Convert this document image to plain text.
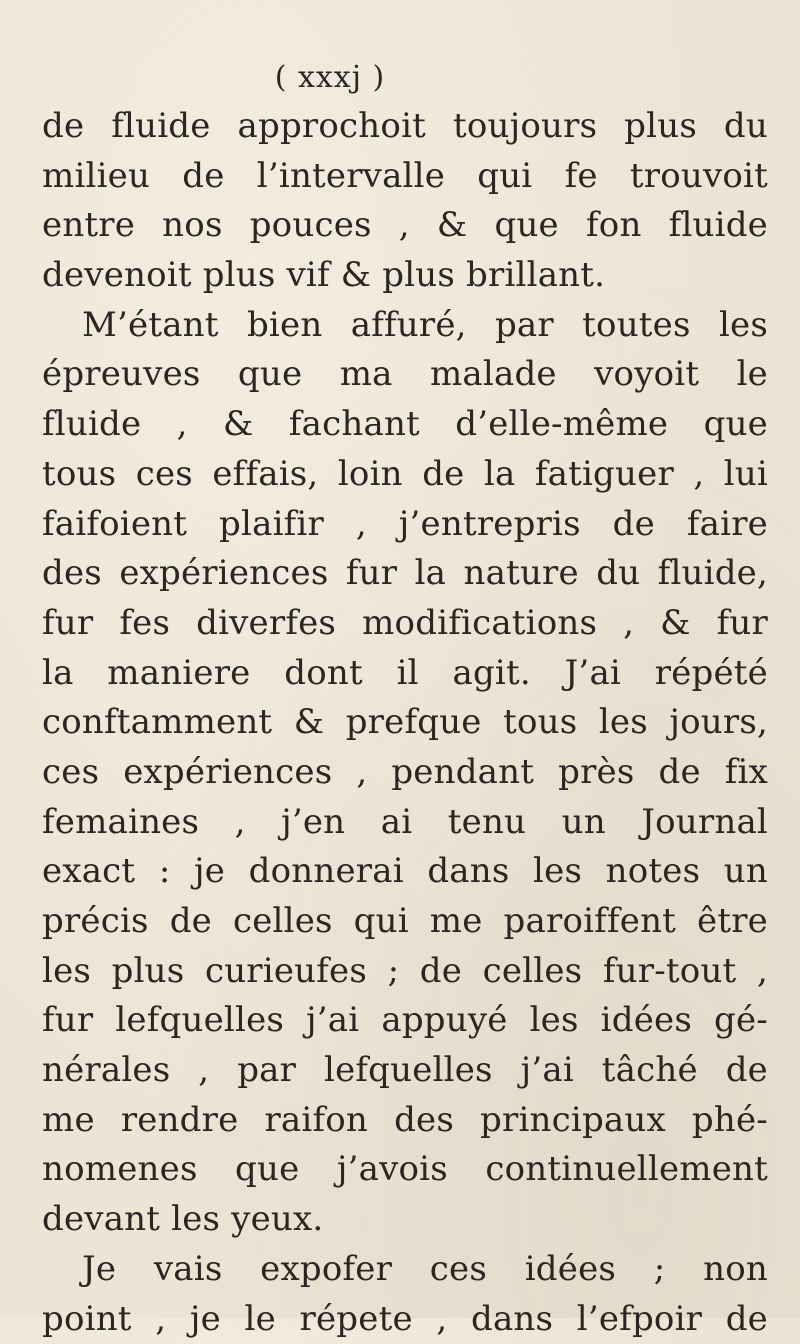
( xxxj )
de fluide approchoit toujours plus du
milieu de l’intervalle qui fe trouvoit
entre nos pouces , & que fon fluide
devenoit plus vif & plus brillant.
M’étant bien affuré, par toutes les
épreuves que ma malade voyoit le
fluide , & fachant d’elle-même que
tous ces effais, loin de la fatiguer , lui
faifoient plaifir , j’entrepris de faire
des expériences fur la nature du fluide,
fur fes diverfes modifications , & fur
la maniere dont il agit. J’ai répété
conftamment & prefque tous les jours,
ces expériences , pendant près de fix
femaines , j’en ai tenu un Journal
exact : je donnerai dans les notes un
précis de celles qui me paroiffent être
les plus curieufes ; de celles fur-tout ,
fur lefquelles j’ai appuyé les idées gé-
nérales , par lefquelles j’ai tâché de
me rendre raifon des principaux phé-
nomenes que j’avois continuellement
devant les yeux.
Je vais expofer ces idées ; non
point , je le répete , dans l’efpoir de
